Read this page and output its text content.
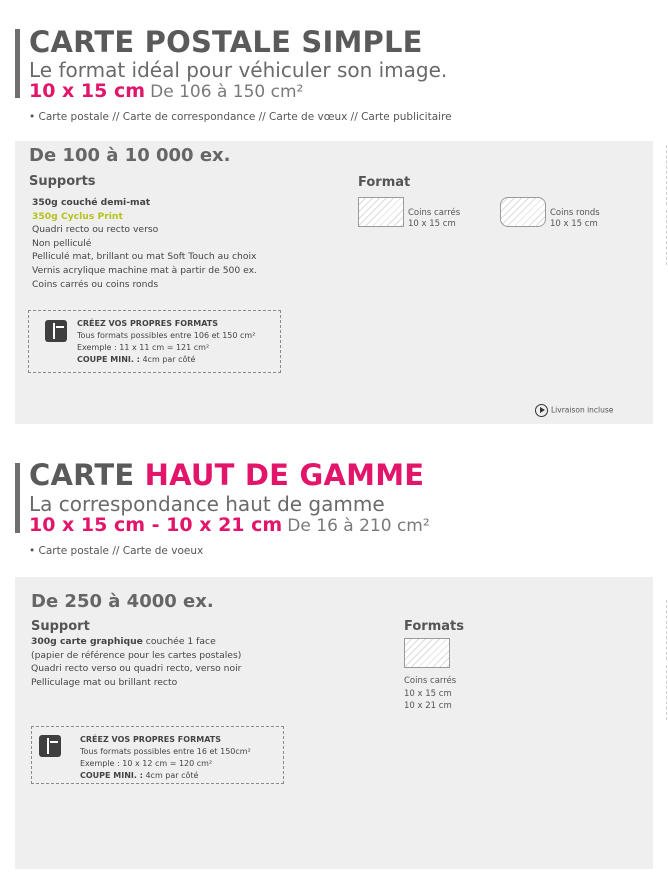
CARTE POSTALE SIMPLE
Le format idéal pour véhiculer son image.
10 x 15 cm De 106 à 150 cm²
• Carte postale // Carte de correspondance // Carte de vœux // Carte publicitaire
De 100 à 10 000 ex.
Supports
350g couché demi-mat
350g Cyclus Print
Quadri recto ou recto verso
Non pelliculé
Pelliculé mat, brillant ou mat Soft Touch au choix
Vernis acrylique machine mat à partir de 500 ex.
Coins carrés ou coins ronds
CRÉEZ VOS PROPRES FORMATS
Tous formats possibles entre 106 et 150 cm²
Exemple : 11 x 11 cm = 121 cm²
COUPE MINI. : 4cm par côté
Format
Coins carrés
10 x 15 cm
Coins ronds
10 x 15 cm
Livraison incluse
CARTE HAUT DE GAMME
La correspondance haut de gamme
10 x 15 cm - 10 x 21 cm De 16 à 210 cm²
• Carte postale // Carte de voeux
De 250 à 4000 ex.
Support
300g carte graphique couchée 1 face
(papier de référence pour les cartes postales)
Quadri recto verso ou quadri recto, verso noir
Pelliculage mat ou brillant recto
CRÉEZ VOS PROPRES FORMATS
Tous formats possibles entre 16 et 150cm²
Exemple : 10 x 12 cm = 120 cm²
COUPE MINI. : 4cm par côté
Formats
Coins carrés
10 x 15 cm
10 x 21 cm
